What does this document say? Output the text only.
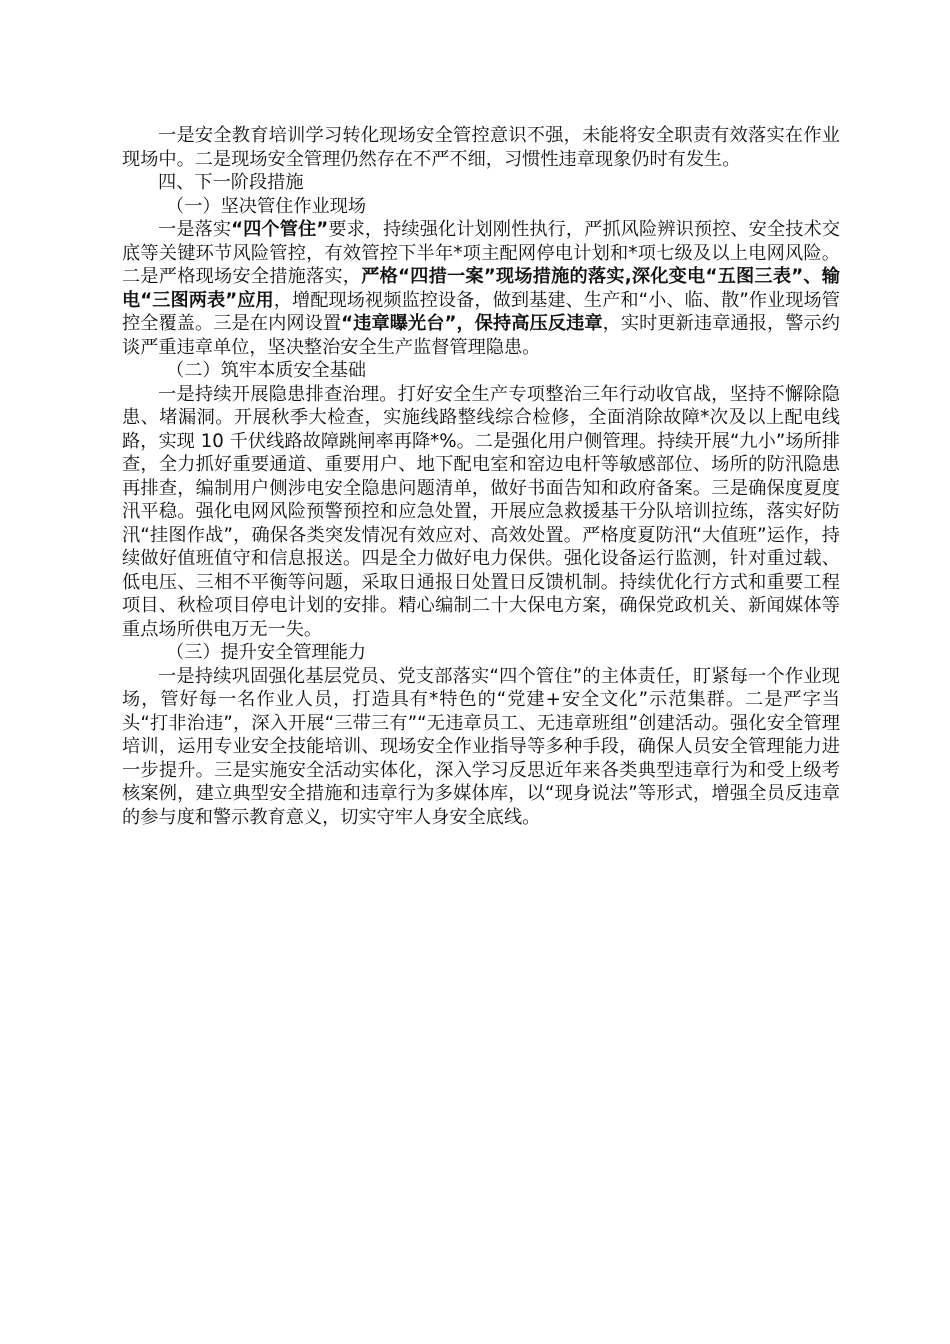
一是安全教育培训学习转化现场安全管控意识不强，未能将安全职责有效落实在作业现场中。二是现场安全管理仍然存在不严不细，习惯性违章现象仍时有发生。

四、下一阶段措施

（一）坚决管住作业现场

一是落实“四个管住”要求，持续强化计划刚性执行，严抓风险辨识预控、安全技术交底等关键环节风险管控，有效管控下半年*项主配网停电计划和*项七级及以上电网风险。二是严格现场安全措施落实，严格“四措一案”现场措施的落实,深化变电“五图三表”、输电“三图两表”应用，增配现场视频监控设备，做到基建、生产和“小、临、散”作业现场管控全覆盖。三是在内网设置“违章曝光台”，保持高压反违章，实时更新违章通报，警示约谈严重违章单位，坚决整治安全生产监督管理隐患。

（二）筑牢本质安全基础

一是持续开展隐患排查治理。打好安全生产专项整治三年行动收官战，坚持不懈除隐患、堵漏洞。开展秋季大检查，实施线路整线综合检修，全面消除故障*次及以上配电线路，实现 10 千伏线路故障跳闸率再降*%。二是强化用户侧管理。持续开展“九小”场所排查，全力抓好重要通道、重要用户、地下配电室和窑边电杆等敏感部位、场所的防汛隐患再排查，编制用户侧涉电安全隐患问题清单，做好书面告知和政府备案。三是确保度夏度汛平稳。强化电网风险预警预控和应急处置，开展应急救援基干分队培训拉练，落实好防汛“挂图作战”，确保各类突发情况有效应对、高效处置。严格度夏防汛“大值班”运作，持续做好值班值守和信息报送。四是全力做好电力保供。强化设备运行监测，针对重过载、低电压、三相不平衡等问题，采取日通报日处置日反馈机制。持续优化行方式和重要工程项目、秋检项目停电计划的安排。精心编制二十大保电方案，确保党政机关、新闻媒体等重点场所供电万无一失。

（三）提升安全管理能力

一是持续巩固强化基层党员、党支部落实“四个管住”的主体责任，盯紧每一个作业现场，管好每一名作业人员，打造具有*特色的“党建+安全文化”示范集群。二是严字当头“打非治违”，深入开展“三带三有”“无违章员工、无违章班组”创建活动。强化安全管理培训，运用专业安全技能培训、现场安全作业指导等多种手段，确保人员安全管理能力进一步提升。三是实施安全活动实体化，深入学习反思近年来各类典型违章行为和受上级考核案例，建立典型安全措施和违章行为多媒体库，以“现身说法”等形式，增强全员反违章的参与度和警示教育意义，切实守牢人身安全底线。
